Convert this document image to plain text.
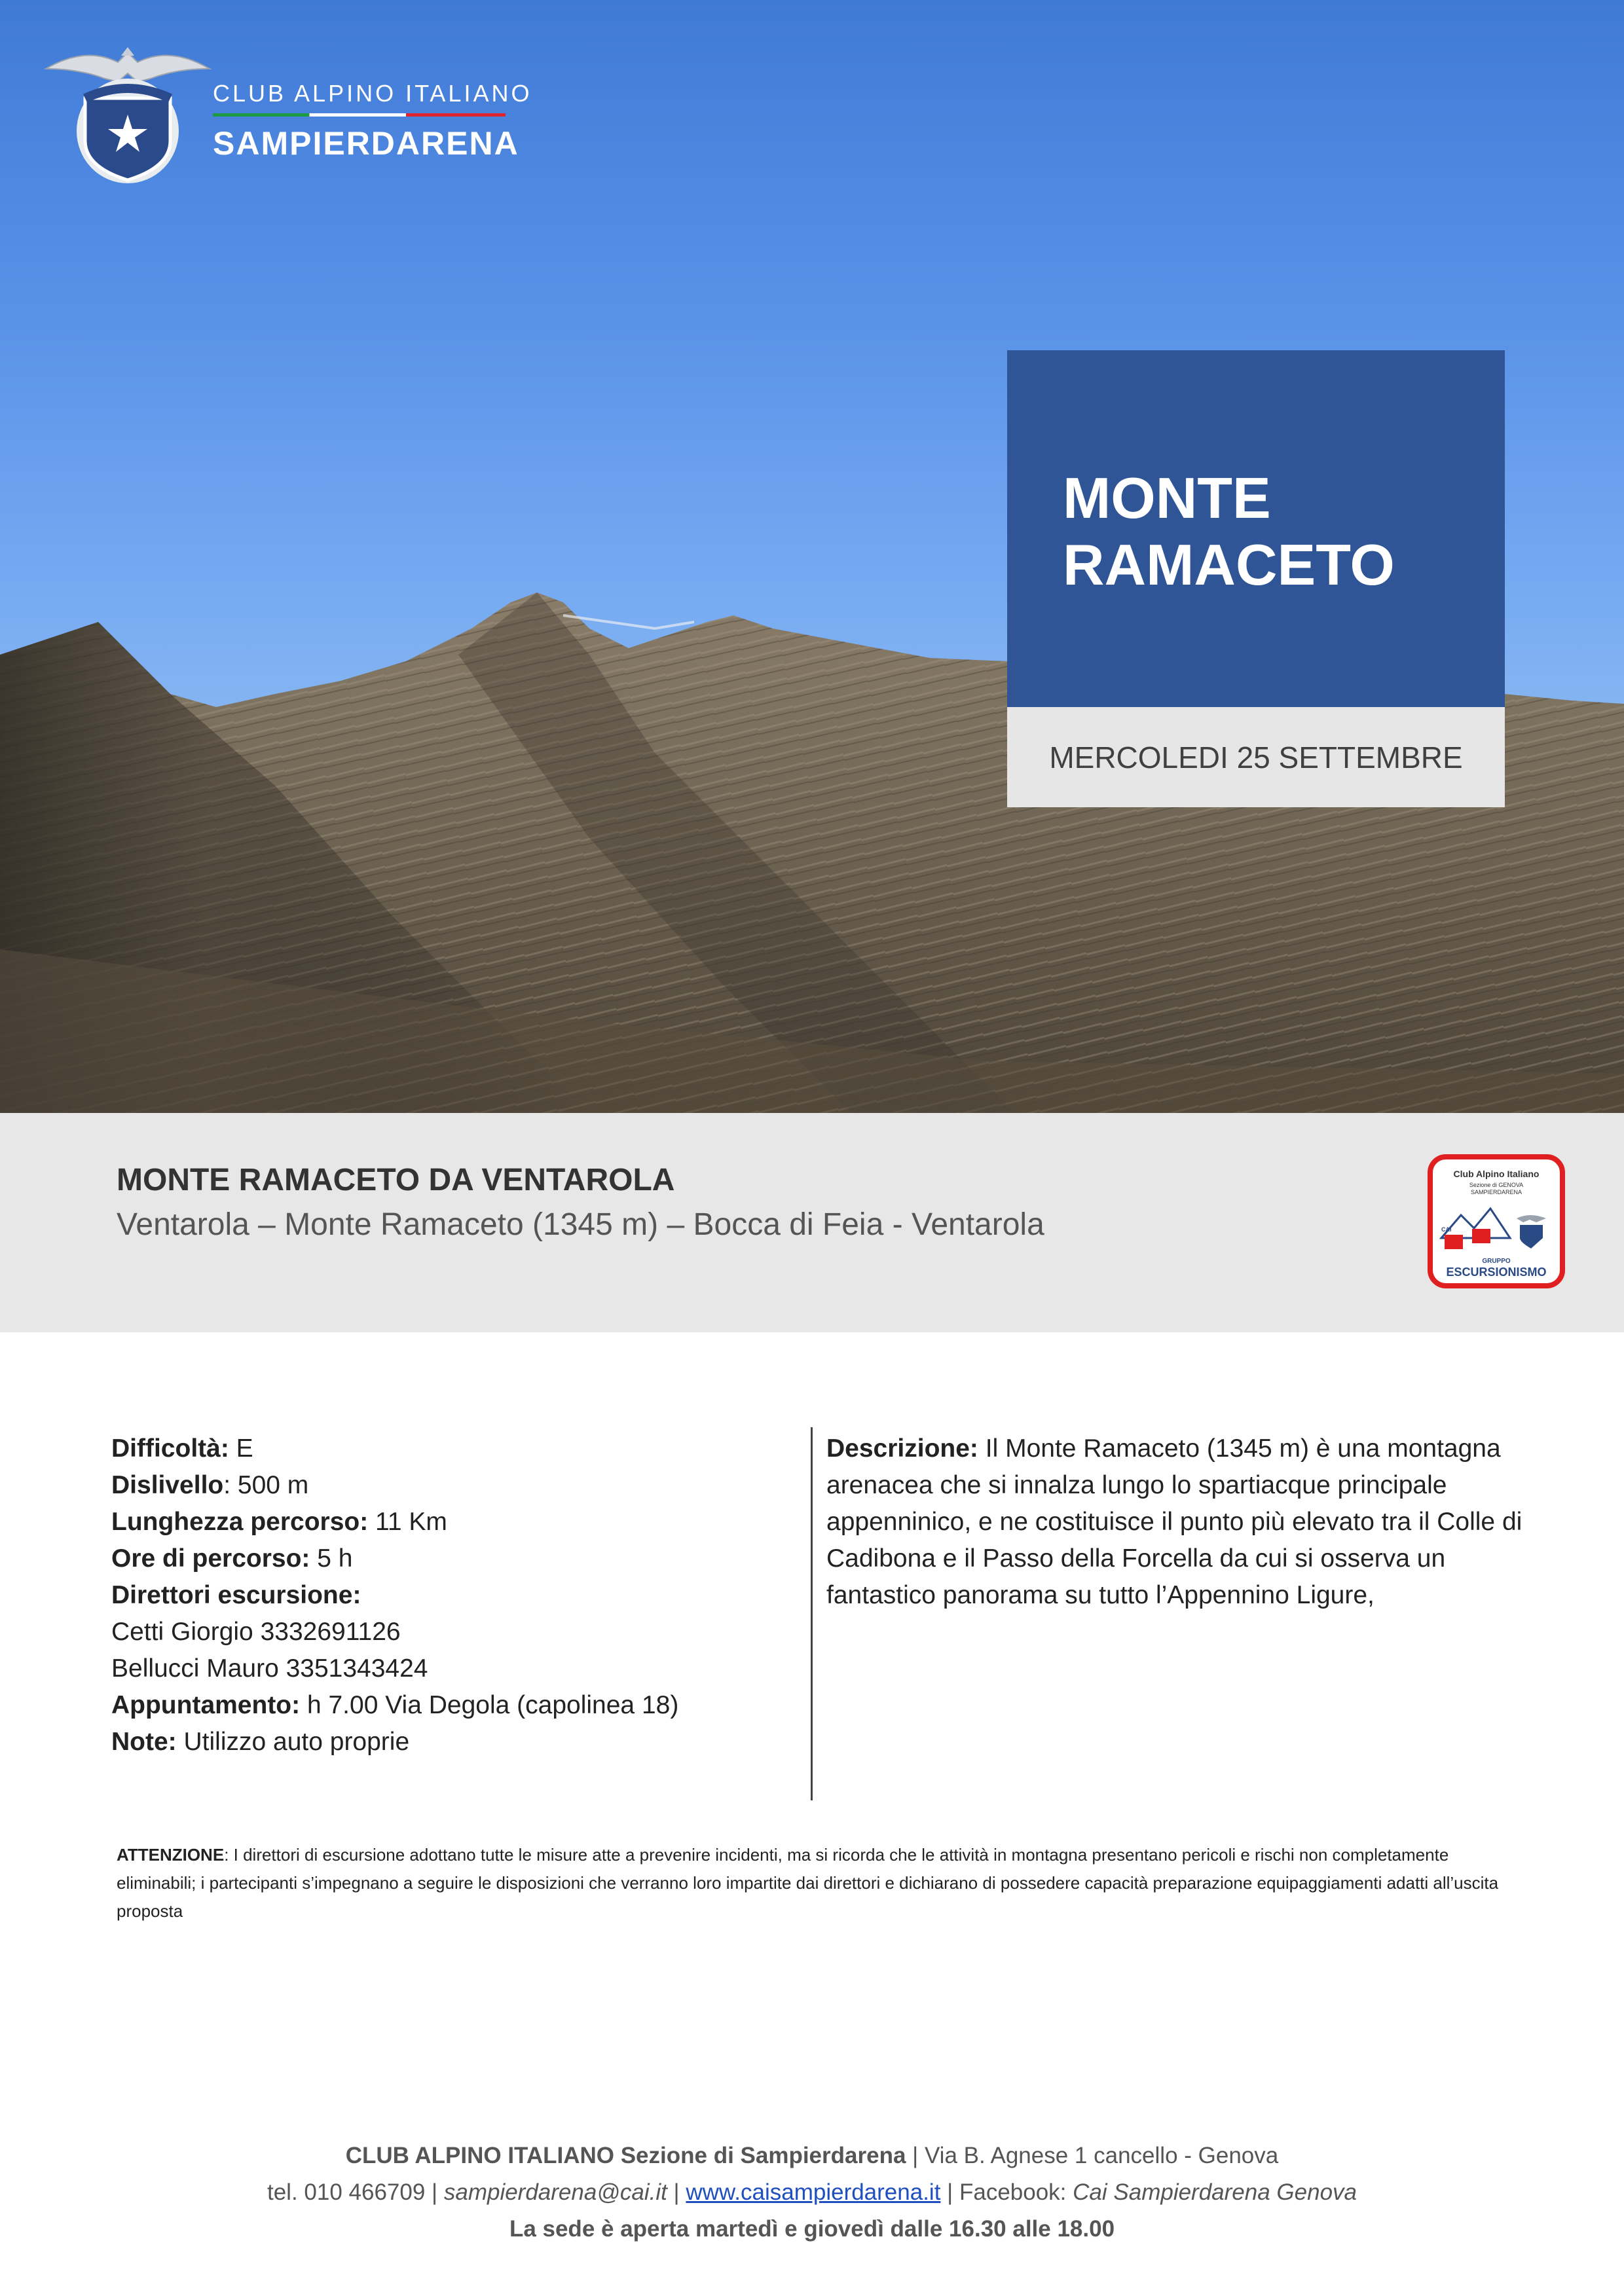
CLUB ALPINO ITALIANO
SAMPIERDARENA
MONTE
RAMACETO
MERCOLEDI 25 SETTEMBRE
MONTE RAMACETO DA VENTAROLA
Ventarola – Monte Ramaceto (1345 m) – Bocca di Feia - Ventarola
Club Alpino Italiano
Sezione di GENOVA
SAMPIERDARENA
CAI
GRUPPO
ESCURSIONISMO
Difficoltà: E
Dislivello: 500 m
Lunghezza percorso: 11 Km
Ore di percorso: 5 h
Direttori escursione:
Cetti Giorgio 3332691126
Bellucci Mauro 3351343424
Appuntamento: h 7.00 Via Degola (capolinea 18)
Note: Utilizzo auto proprie
Descrizione: Il Monte Ramaceto (1345 m) è una montagna arenacea che si innalza lungo lo spartiacque principale appenninico, e ne costituisce il punto più elevato tra il Colle di Cadibona e il Passo della Forcella da cui si osserva un fantastico panorama su tutto l’Appennino Ligure,
ATTENZIONE: I direttori di escursione adottano tutte le misure atte a prevenire incidenti, ma si ricorda che le attività in montagna presentano pericoli e rischi non completamente eliminabili; i partecipanti s’impegnano a seguire le disposizioni che verranno loro impartite dai direttori e dichiarano di possedere capacità preparazione equipaggiamenti adatti all’uscita proposta
CLUB ALPINO ITALIANO Sezione di Sampierdarena | Via B. Agnese 1 cancello - Genova
tel. 010 466709 | sampierdarena@cai.it | www.caisampierdarena.it | Facebook: Cai Sampierdarena Genova
La sede è aperta martedì e giovedì dalle 16.30 alle 18.00
